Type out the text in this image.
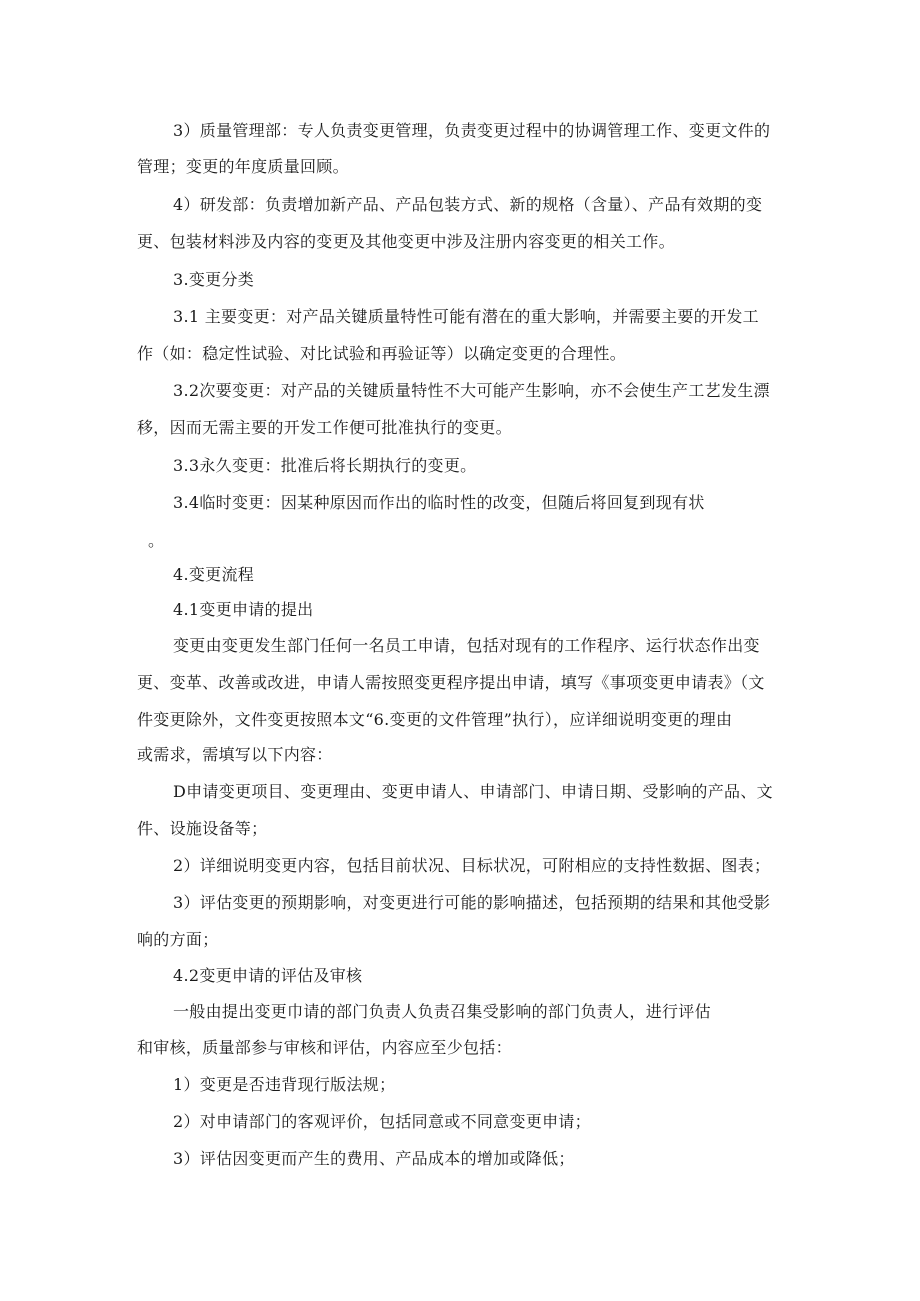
3）质量管理部：专人负责变更管理，负责变更过程中的协调管理工作、变更文件的
管理；变更的年度质量回顾。
4）研发部：负责增加新产品、产品包装方式、新的规格（含量）、产品有效期的变
更、包装材料涉及内容的变更及其他变更中涉及注册内容变更的相关工作。
3.变更分类
3.1 主要变更：对产品关键质量特性可能有潜在的重大影响，并需要主要的开发工
作（如：稳定性试验、对比试验和再验证等）以确定变更的合理性。
3.2次要变更：对产品的关键质量特性不大可能产生影响，亦不会使生产工艺发生漂
移，因而无需主要的开发工作便可批准执行的变更。
3.3永久变更：批准后将长期执行的变更。
3.4临时变更：因某种原因而作出的临时性的改变，但随后将回复到现有状
。
4.变更流程
4.1变更申请的提出
变更由变更发生部门任何一名员工申请，包括对现有的工作程序、运行状态作出变
更、变革、改善或改进，申请人需按照变更程序提出申请，填写《事项变更申请表》（文
件变更除外，文件变更按照本文“6.变更的文件管理”执行），应详细说明变更的理由
或需求，需填写以下内容：
D申请变更项目、变更理由、变更申请人、申请部门、申请日期、受影响的产品、文
件、设施设备等；
2）详细说明变更内容，包括目前状况、目标状况，可附相应的支持性数据、图表；
3）评估变更的预期影响，对变更进行可能的影响描述，包括预期的结果和其他受影
响的方面；
4.2变更申请的评估及审核
一般由提出变更巾请的部门负责人负责召集受影响的部门负责人，进行评估
和审核，质量部参与审核和评估，内容应至少包括：
1）变更是否违背现行版法规；
2）对申请部门的客观评价，包括同意或不同意变更申请；
3）评估因变更而产生的费用、产品成本的增加或降低；
